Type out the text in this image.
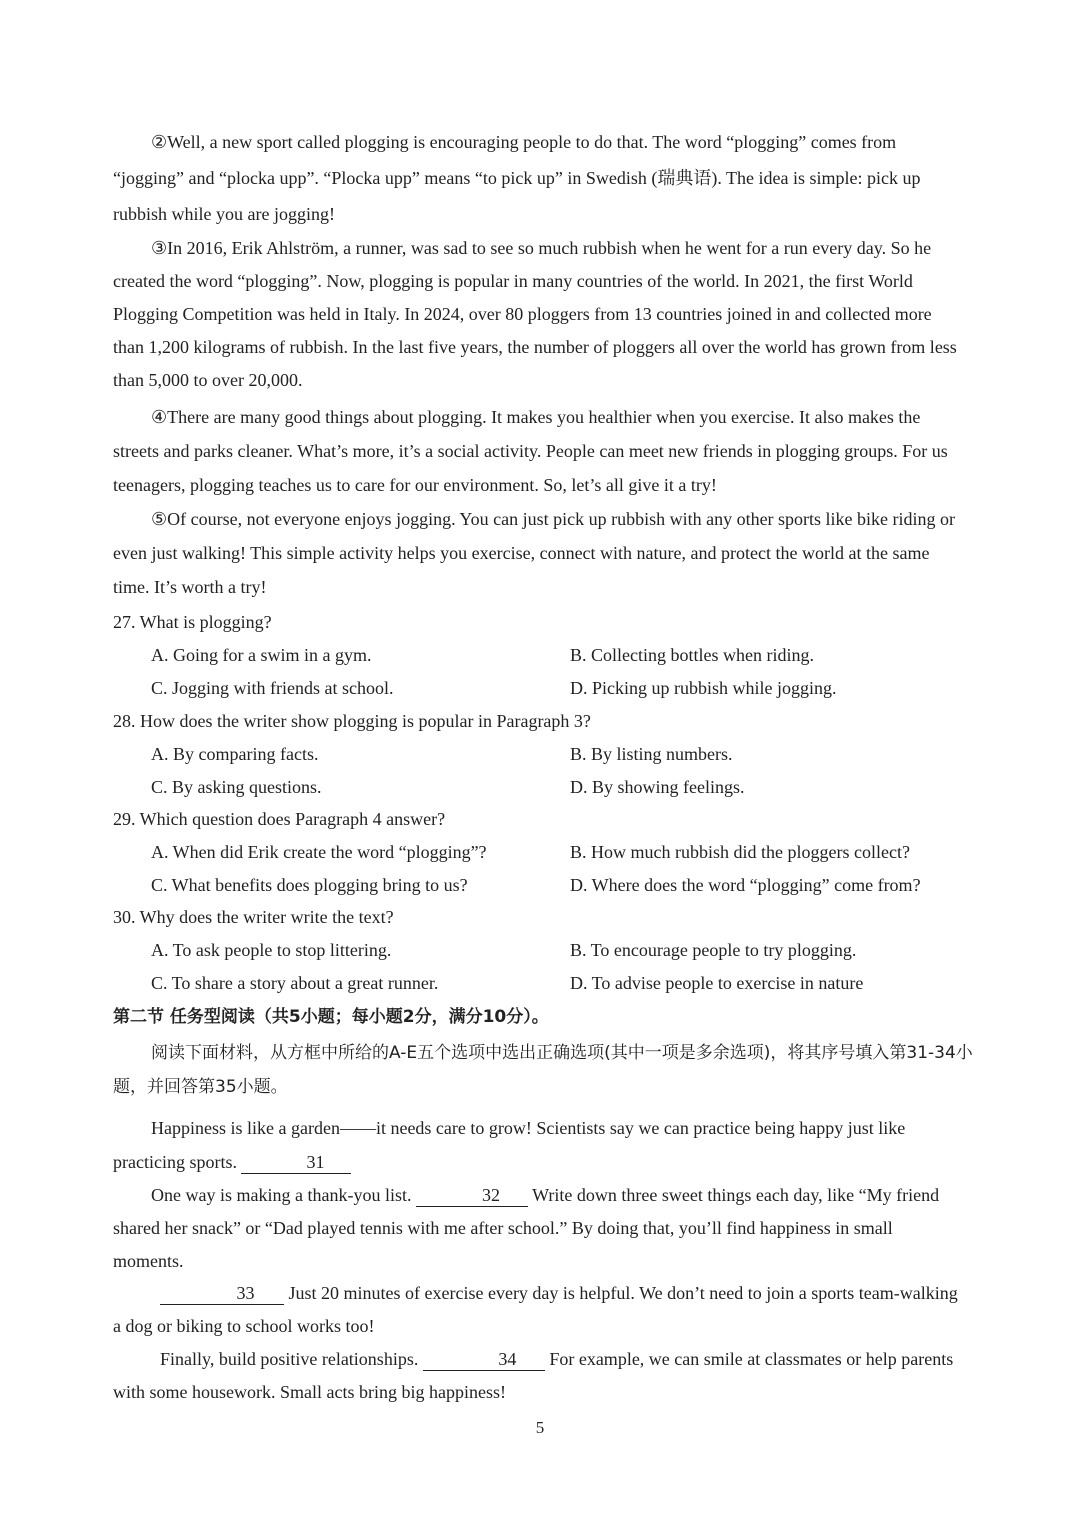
②Well, a new sport called plogging is encouraging people to do that. The word “plogging” comes from “jogging” and “plocka upp”. “Plocka upp” means “to pick up” in Swedish (瑞典语). The idea is simple: pick up rubbish while you are jogging!

③In 2016, Erik Ahlström, a runner, was sad to see so much rubbish when he went for a run every day. So he created the word “plogging”. Now, plogging is popular in many countries of the world. In 2021, the first World Plogging Competition was held in Italy. In 2024, over 80 ploggers from 13 countries joined in and collected more than 1,200 kilograms of rubbish. In the last five years, the number of ploggers all over the world has grown from less than 5,000 to over 20,000.

④There are many good things about plogging. It makes you healthier when you exercise. It also makes the streets and parks cleaner. What’s more, it’s a social activity. People can meet new friends in plogging groups. For us teenagers, plogging teaches us to care for our environment. So, let’s all give it a try!

⑤Of course, not everyone enjoys jogging. You can just pick up rubbish with any other sports like bike riding or even just walking! This simple activity helps you exercise, connect with nature, and protect the world at the same time. It’s worth a try!

27. What is plogging?
A. Going for a swim in a gym.	B. Collecting bottles when riding.
C. Jogging with friends at school.	D. Picking up rubbish while jogging.
28. How does the writer show plogging is popular in Paragraph 3?
A. By comparing facts.	B. By listing numbers.
C. By asking questions.	D. By showing feelings.
29. Which question does Paragraph 4 answer?
A. When did Erik create the word “plogging”?	B. How much rubbish did the ploggers collect?
C. What benefits does plogging bring to us?	D. Where does the word “plogging” come from?
30. Why does the writer write the text?
A. To ask people to stop littering.	B. To encourage people to try plogging.
C. To share a story about a great runner.	D. To advise people to exercise in nature
第二节 任务型阅读（共5小题；每小题2分，满分10分）。

阅读下面材料，从方框中所给的A-E五个选项中选出正确选项(其中一项是多余选项)，将其序号填入第31-34小题，并回答第35小题。

Happiness is like a garden——it needs care to grow! Scientists say we can practice being happy just like practicing sports.	31

One way is making a thank-you list.	32 Write down three sweet things each day, like “My friend shared her snack” or “Dad played tennis with me after school.” By doing that, you’ll find happiness in small moments.

33 Just 20 minutes of exercise every day is helpful. We don’t need to join a sports team-walking a dog or biking to school works too!

Finally, build positive relationships.	34 For example, we can smile at classmates or help parents with some housework. Small acts bring big happiness!

5
